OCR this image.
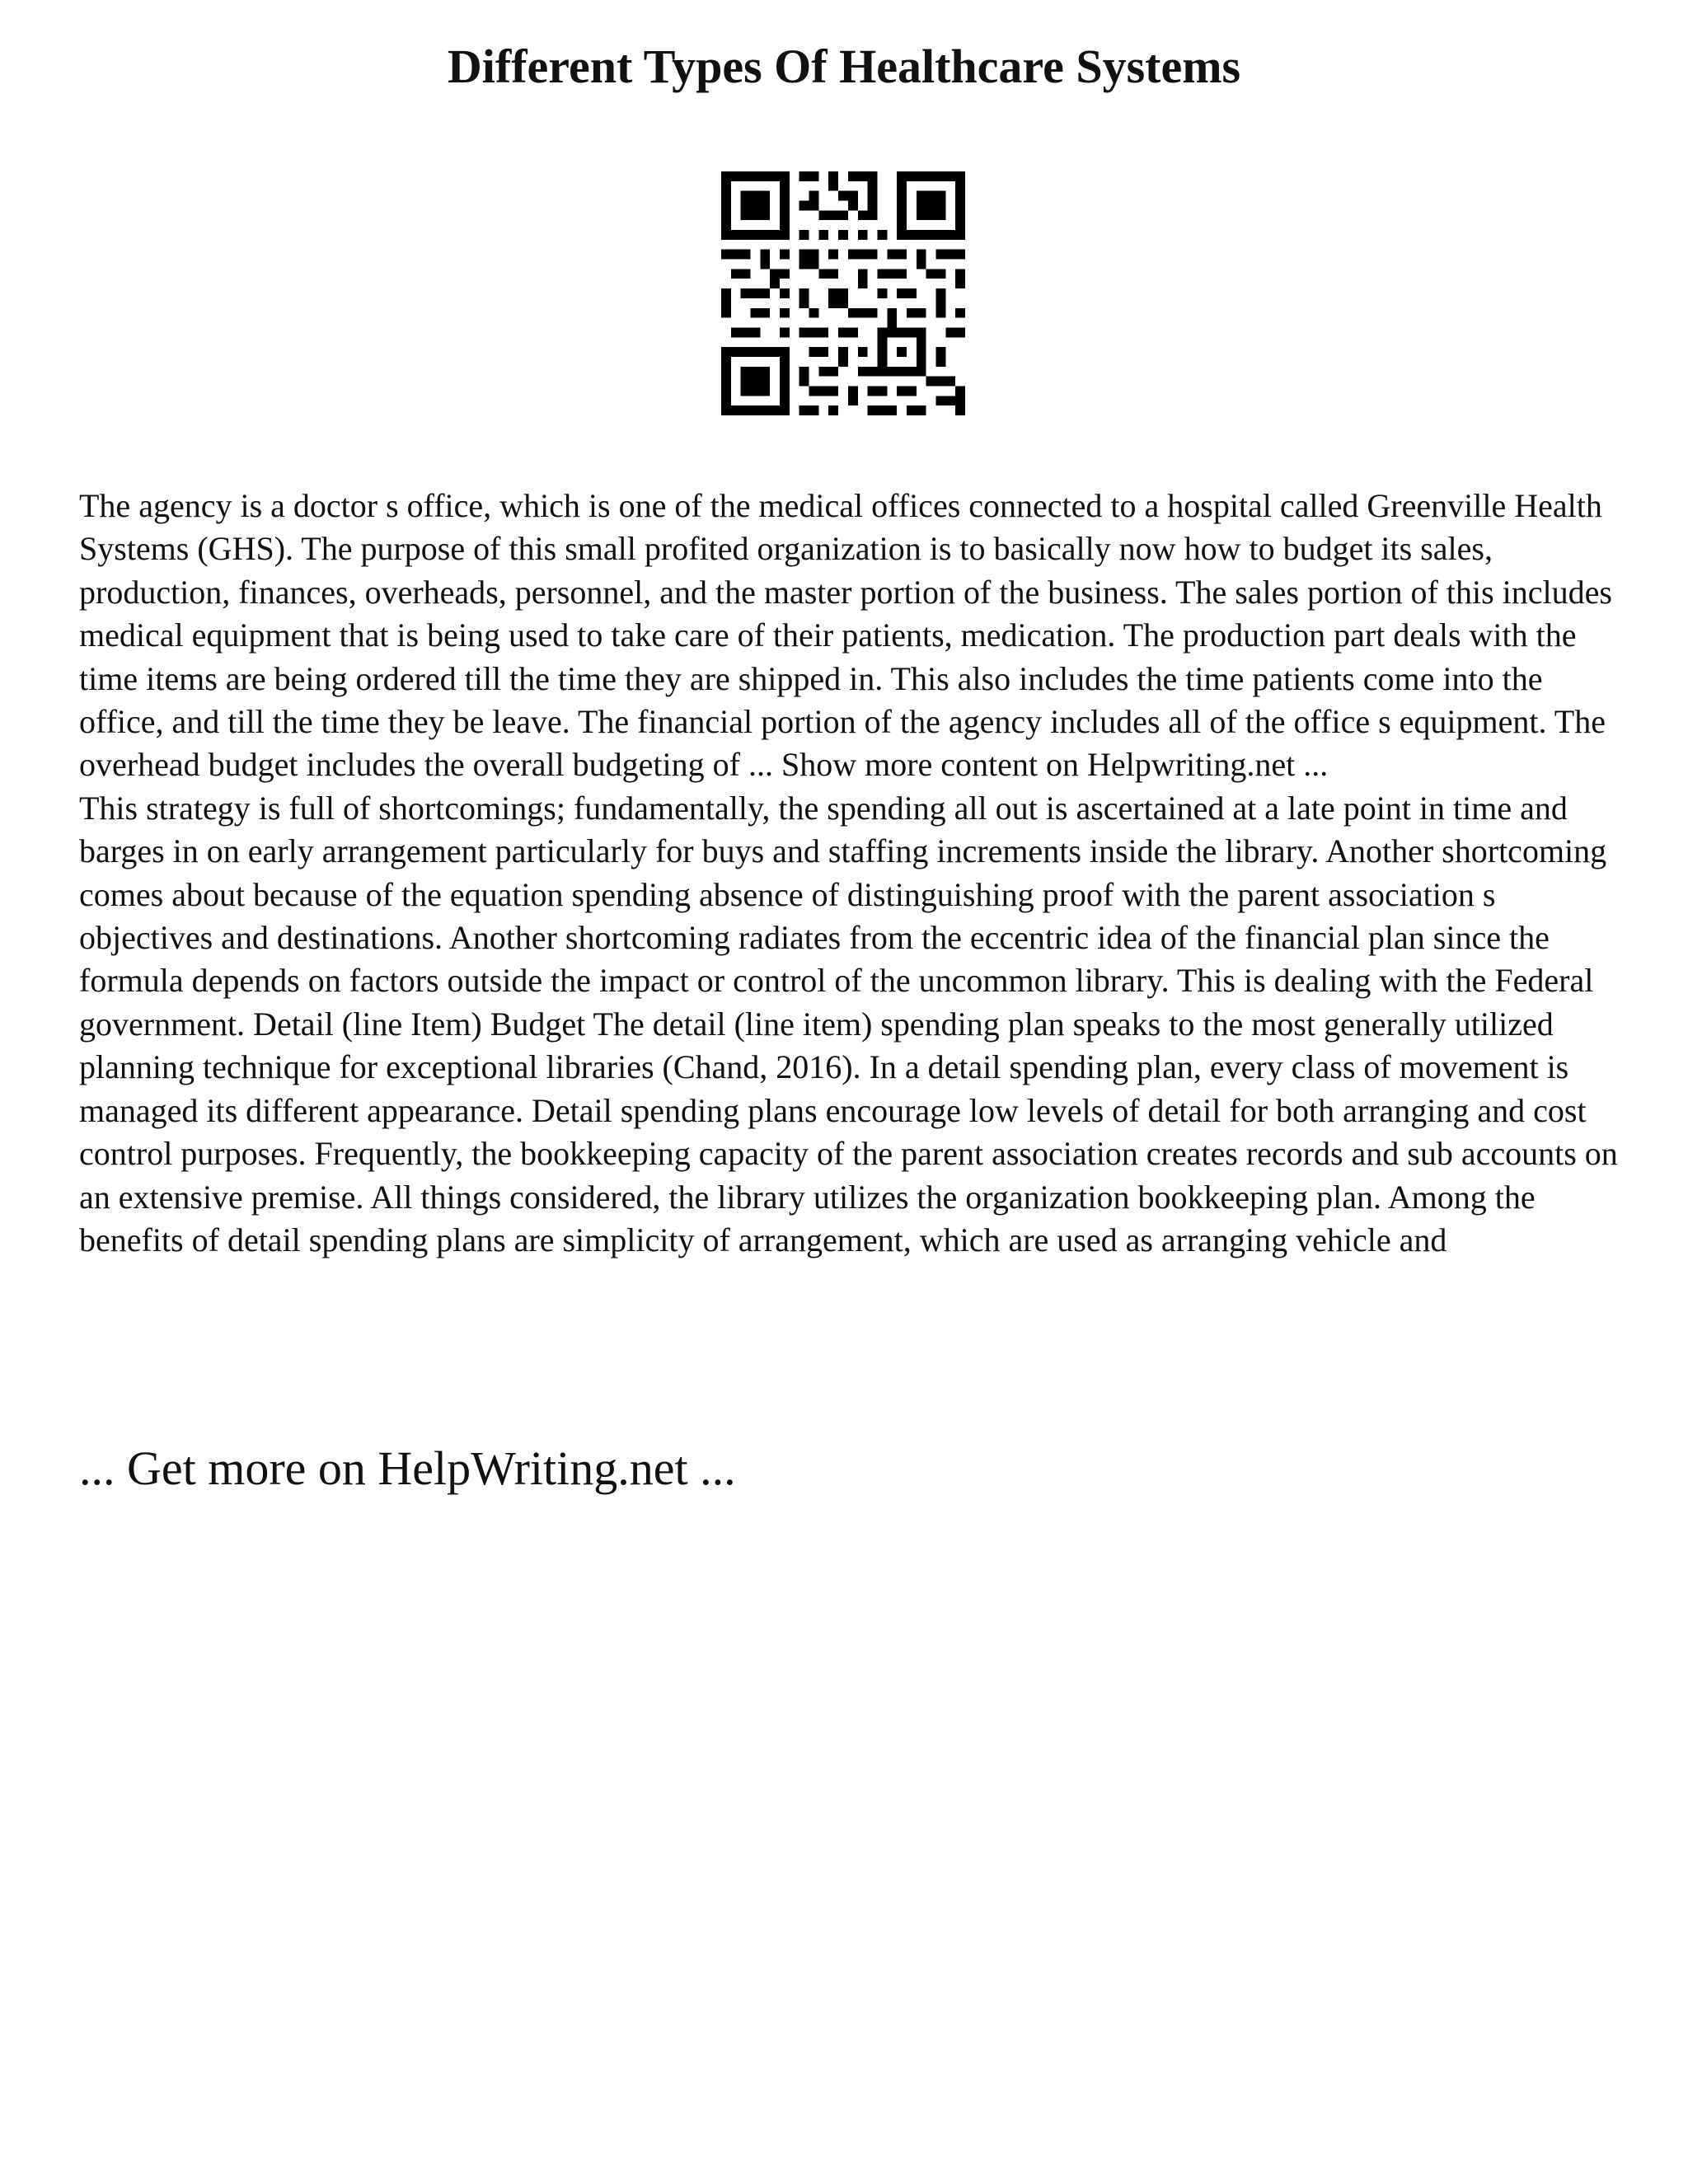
Different Types Of Healthcare Systems

The agency is a doctor s office, which is one of the medical offices connected to a hospital called Greenville Health Systems (GHS). The purpose of this small profited organization is to basically now how to budget its sales, production, finances, overheads, personnel, and the master portion of the business. The sales portion of this includes medical equipment that is being used to take care of their patients, medication. The production part deals with the time items are being ordered till the time they are shipped in. This also includes the time patients come into the office, and till the time they be leave. The financial portion of the agency includes all of the office s equipment. The overhead budget includes the overall budgeting of ... Show more content on Helpwriting.net ...

This strategy is full of shortcomings; fundamentally, the spending all out is ascertained at a late point in time and barges in on early arrangement particularly for buys and staffing increments inside the library. Another shortcoming comes about because of the equation spending absence of distinguishing proof with the parent association s objectives and destinations. Another shortcoming radiates from the eccentric idea of the financial plan since the formula depends on factors outside the impact or control of the uncommon library. This is dealing with the Federal government. Detail (line Item) Budget The detail (line item) spending plan speaks to the most generally utilized planning technique for exceptional libraries (Chand, 2016). In a detail spending plan, every class of movement is managed its different appearance. Detail spending plans encourage low levels of detail for both arranging and cost control purposes. Frequently, the bookkeeping capacity of the parent association creates records and sub accounts on an extensive premise. All things considered, the library utilizes the organization bookkeeping plan. Among the benefits of detail spending plans are simplicity of arrangement, which are used as arranging vehicle and

... Get more on HelpWriting.net ...
